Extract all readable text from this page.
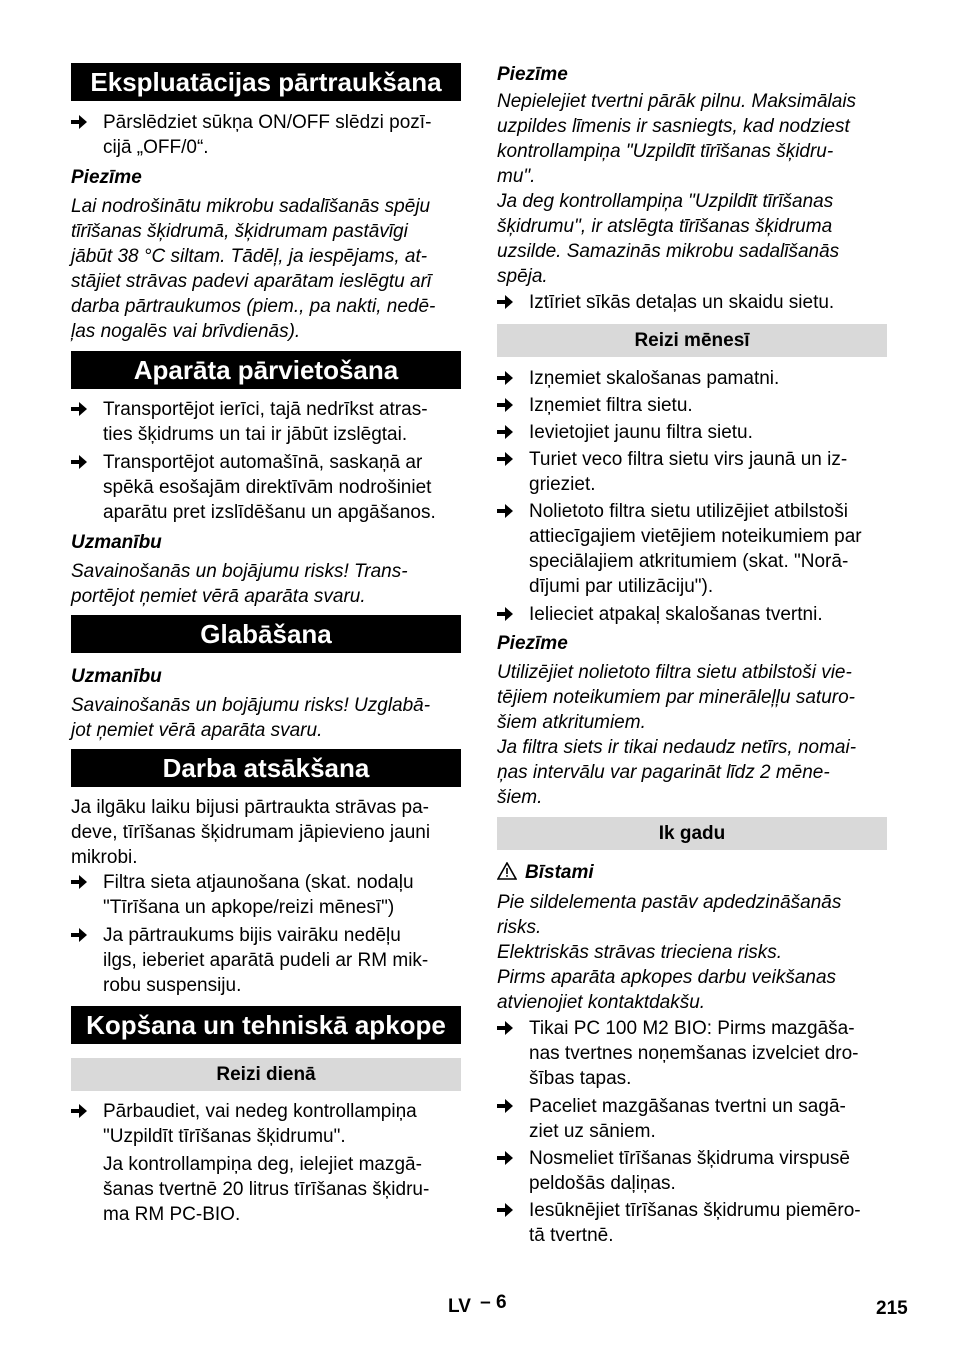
Ekspluatācijas pārtraukšana
Pārslēdziet sūkņa ON/OFF slēdzi pozī-
cijā „OFF/0“.
Piezīme
Lai nodrošinātu mikrobu sadalīšanās spēju
tīrīšanas šķidrumā, šķidrumam pastāvīgi
jābūt 38 °C siltam. Tādēļ, ja iespējams, at-
stājiet strāvas padevi aparātam ieslēgtu arī
darba pārtraukumos (piem., pa nakti, nedē-
ļas nogalēs vai brīvdienās).
Aparāta pārvietošana
Transportējot ierīci, tajā nedrīkst atras-
ties šķidrums un tai ir jābūt izslēgtai.
Transportējot automašīnā, saskaņā ar
spēkā esošajām direktīvām nodrošiniet
aparātu pret izslīdēšanu un apgāšanos.
Uzmanību
Savainošanās un bojājumu risks! Trans-
portējot ņemiet vērā aparāta svaru.
Glabāšana
Uzmanību
Savainošanās un bojājumu risks! Uzglabā-
jot ņemiet vērā aparāta svaru.
Darba atsākšana
Ja ilgāku laiku bijusi pārtraukta strāvas pa-
deve, tīrīšanas šķidrumam jāpievieno jauni
mikrobi.
Filtra sieta atjaunošana (skat. nodaļu
"Tīrīšana un apkope/reizi mēnesī")
Ja pārtraukums bijis vairāku nedēļu
ilgs, ieberiet aparātā pudeli ar RM mik-
robu suspensiju.
Kopšana un tehniskā apkope
Reizi dienā
Pārbaudiet, vai nedeg kontrollampiņa
"Uzpildīt tīrīšanas šķidrumu".
Ja kontrollampiņa deg, ielejiet mazgā-
šanas tvertnē 20 litrus tīrīšanas šķidru-
ma RM PC-BIO.
Piezīme
Nepielejiet tvertni pārāk pilnu. Maksimālais
uzpildes līmenis ir sasniegts, kad nodziest
kontrollampiņa "Uzpildīt tīrīšanas šķidru-
mu".
Ja deg kontrollampiņa "Uzpildīt tīrīšanas
šķidrumu", ir atslēgta tīrīšanas šķidruma
uzsilde. Samazinās mikrobu sadalīšanās
spēja.
Iztīriet sīkās detaļas un skaidu sietu.
Reizi mēnesī
Izņemiet skalošanas pamatni.
Izņemiet filtra sietu.
Ievietojiet jaunu filtra sietu.
Turiet veco filtra sietu virs jaunā un iz-
grieziet.
Nolietoto filtra sietu utilizējiet atbilstoši
attiecīgajiem vietējiem noteikumiem par
speciālajiem atkritumiem (skat. "Norā-
dījumi par utilizāciju").
Ielieciet atpakaļ skalošanas tvertni.
Piezīme
Utilizējiet nolietoto filtra sietu atbilstoši vie-
tējiem noteikumiem par minerāleļļu saturo-
šiem atkritumiem.
Ja filtra siets ir tikai nedaudz netīrs, nomai-
ņas intervālu var pagarināt līdz 2 mēne-
šiem.
Ik gadu
Bīstami
Pie sildelementa pastāv apdedzināšanās
risks.
Elektriskās strāvas trieciena risks.
Pirms aparāta apkopes darbu veikšanas
atvienojiet kontaktdakšu.
Tikai PC 100 M2 BIO: Pirms mazgāša-
nas tvertnes noņemšanas izvelciet dro-
šības tapas.
Paceliet mazgāšanas tvertni un sagā-
ziet uz sāniem.
Nosmeliet tīrīšanas šķidruma virspusē
peldošās daļiņas.
Iesūknējiet tīrīšanas šķidrumu piemēro-
tā tvertnē.
LV – 6	215
